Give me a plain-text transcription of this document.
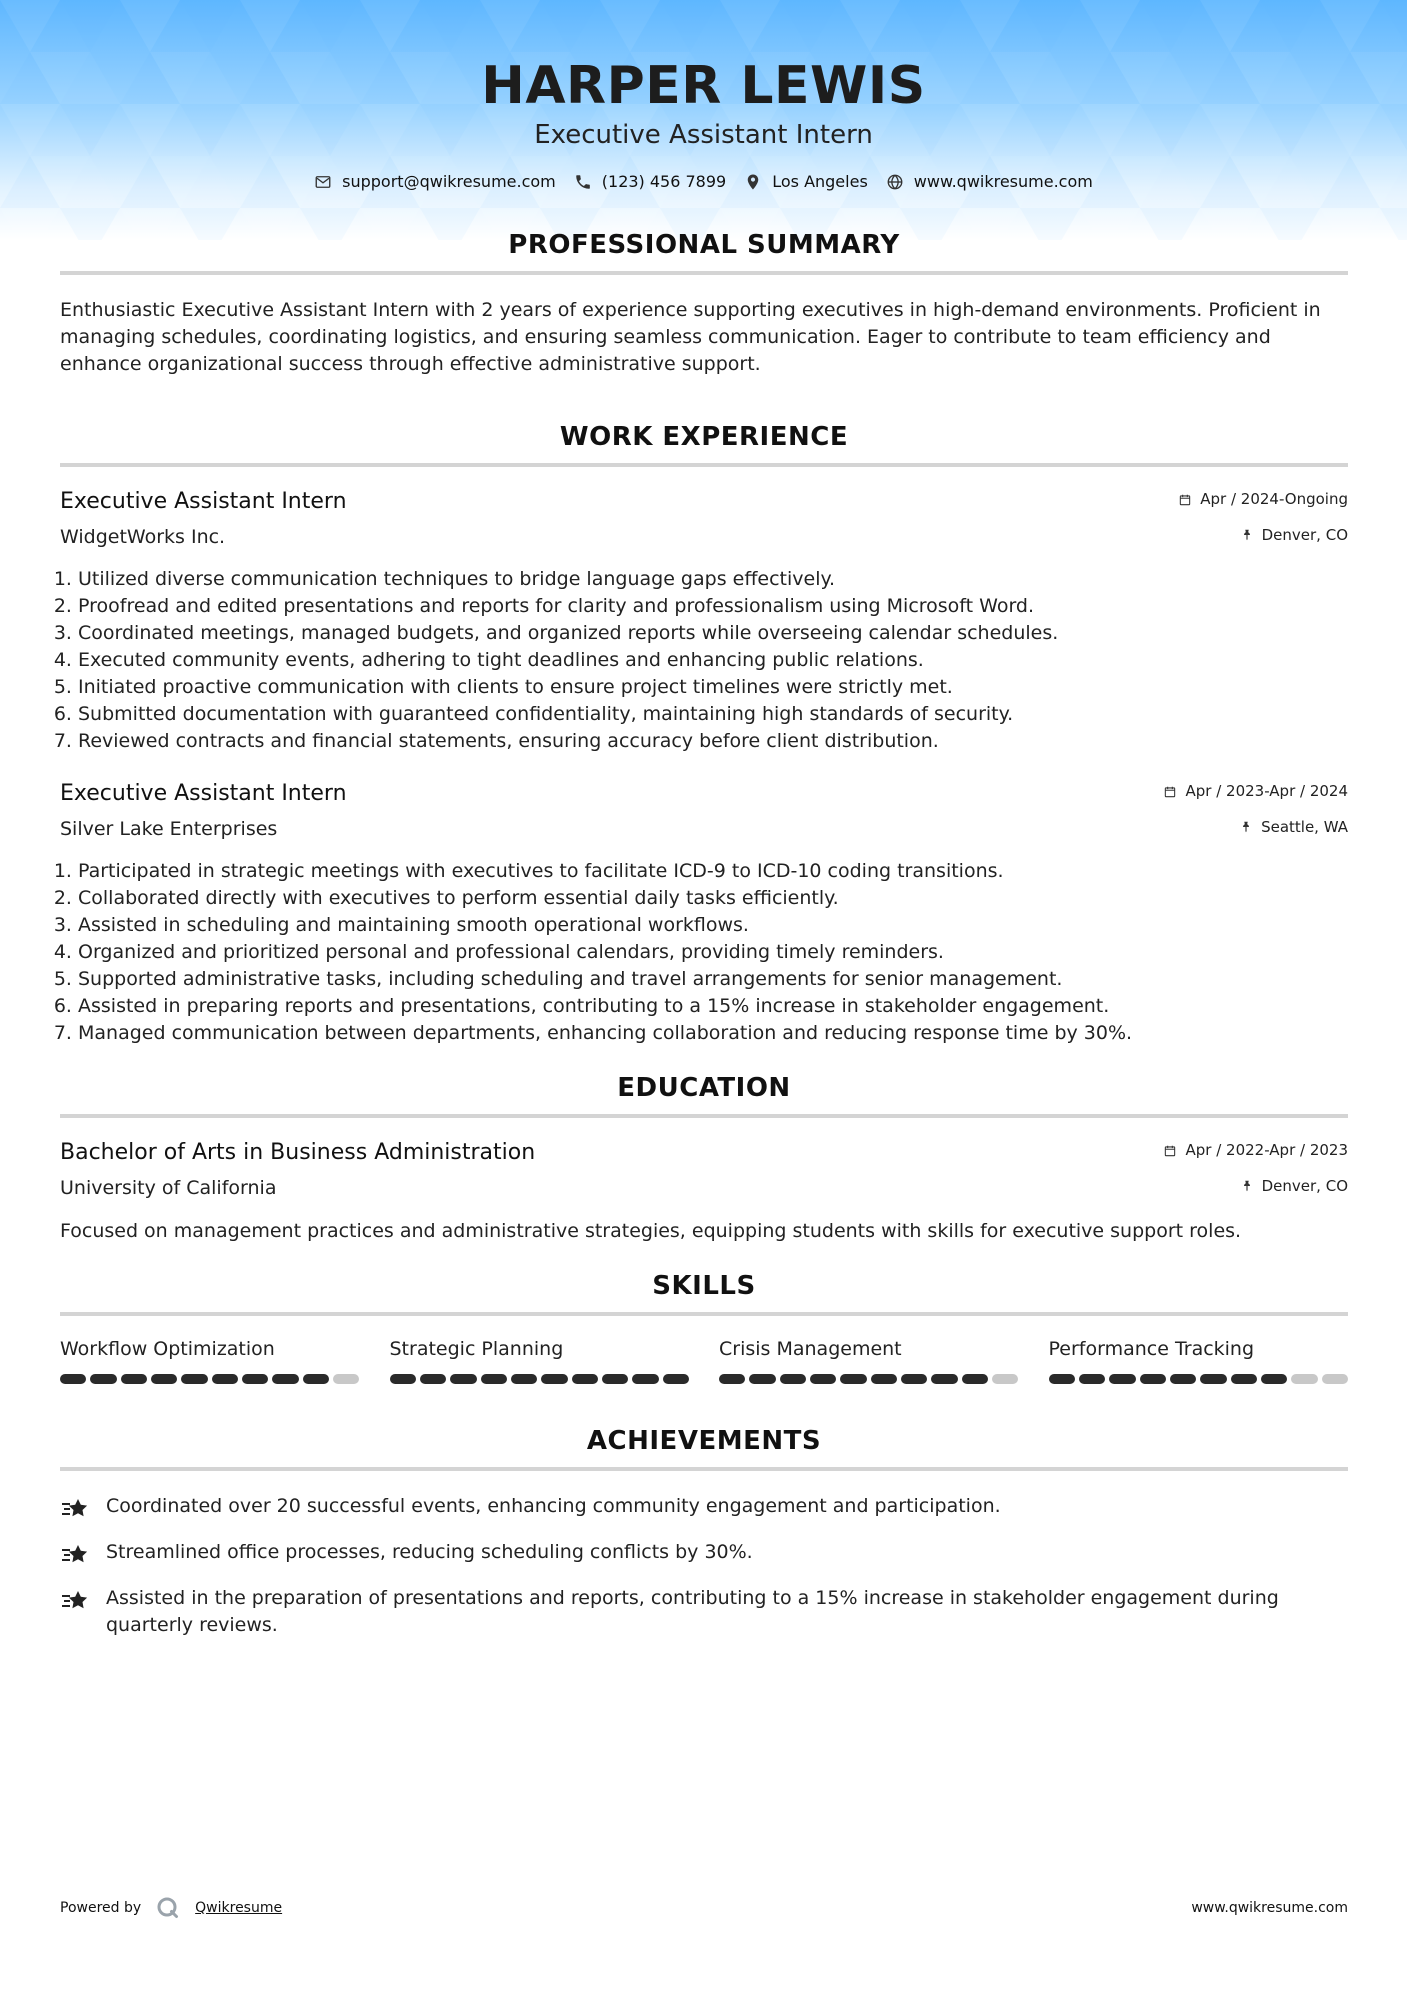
HARPER LEWIS
Executive Assistant Intern
support@qwikresume.com	(123) 456 7899	Los Angeles	www.qwikresume.com
PROFESSIONAL SUMMARY

Enthusiastic Executive Assistant Intern with 2 years of experience supporting executives in high-demand environments. Proficient in managing schedules, coordinating logistics, and ensuring seamless communication. Eager to contribute to team efficiency and enhance organizational success through effective administrative support.

WORK EXPERIENCE
Executive Assistant Intern
WidgetWorks Inc.
Apr / 2024-Ongoing
Denver, CO
1. Utilized diverse communication techniques to bridge language gaps effectively.
2. Proofread and edited presentations and reports for clarity and professionalism using Microsoft Word.
3. Coordinated meetings, managed budgets, and organized reports while overseeing calendar schedules.
4. Executed community events, adhering to tight deadlines and enhancing public relations.
5. Initiated proactive communication with clients to ensure project timelines were strictly met.
6. Submitted documentation with guaranteed confidentiality, maintaining high standards of security.
7. Reviewed contracts and financial statements, ensuring accuracy before client distribution.
Executive Assistant Intern
Silver Lake Enterprises
Apr / 2023-Apr / 2024
Seattle, WA
1. Participated in strategic meetings with executives to facilitate ICD-9 to ICD-10 coding transitions.
2. Collaborated directly with executives to perform essential daily tasks efficiently.
3. Assisted in scheduling and maintaining smooth operational workflows.
4. Organized and prioritized personal and professional calendars, providing timely reminders.
5. Supported administrative tasks, including scheduling and travel arrangements for senior management.
6. Assisted in preparing reports and presentations, contributing to a 15% increase in stakeholder engagement.
7. Managed communication between departments, enhancing collaboration and reducing response time by 30%.
EDUCATION
Bachelor of Arts in Business Administration
University of California
Apr / 2022-Apr / 2023
Denver, CO
Focused on management practices and administrative strategies, equipping students with skills for executive support roles.
SKILLS
Workflow Optimization	Strategic Planning	Crisis Management	Performance Tracking
ACHIEVEMENTS
Coordinated over 20 successful events, enhancing community engagement and participation.
Streamlined office processes, reducing scheduling conflicts by 30%.
Assisted in the preparation of presentations and reports, contributing to a 15% increase in stakeholder engagement during quarterly reviews.
Powered by	Qwikresume	www.qwikresume.com
